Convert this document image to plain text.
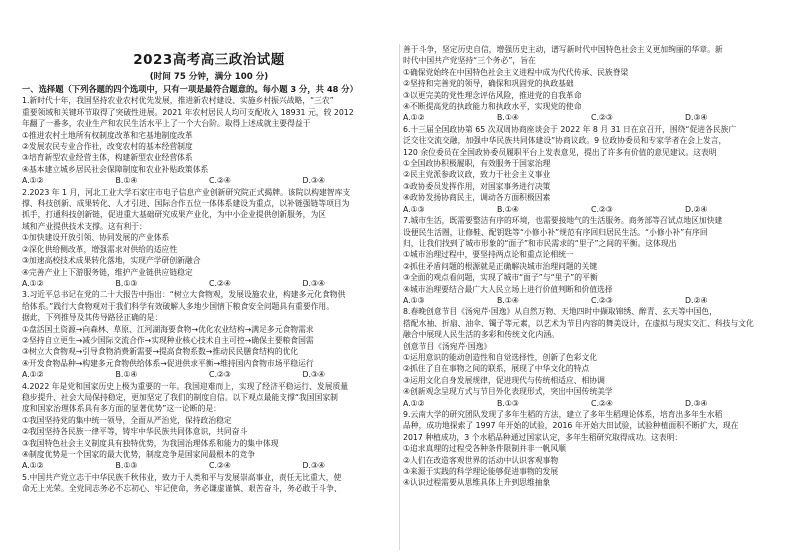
2023高考高三政治试题
(时间 75 分钟，满分 100 分)
一、选择题（下列各题的四个选项中，只有一项是最符合题意的。每小题 3 分，共 48 分）
1.新时代十年，我国坚持农业农村优先发展，推进新农村建设、实施乡村振兴战略，“三农”
重要领域和关键环节取得了突破性进展。2021 年农村居民人均可支配收入 18931 元，较 2012
年翻了一番多，农业生产和农民生活水平上了一个大台阶。取得上述成就主要得益于
①推进农村土地所有权制度改革和宅基地制度改革
②发展农民专业合作社，改变农村的基本经营制度
③培育新型农业经营主体，构建新型农业经营体系
④基本建立城乡居民社会保障制度和农业补贴政策体系
A.①②	B.①④	C.②④	D.③④
2.2023 年 1 月，河北工业大学石家庄市电子信息产业创新研究院正式揭牌。该院以构建智库支
撑、科技创新、成果转化、人才引进、国际合作五位一体体系建设为重点，以补链强链等项目为
抓手，打通科技创新链，促进重大基础研究成果产业化，为中小企业提供创新服务，为区
域和产业提供技术支撑。这有利于：
①加快建设开放引领、协同发展的产业体系
②深化供给侧改革，增强需求对供给的适应性
③加速高校技术成果转化落地，实现产学研创新融合
④完善产业上下游服务链，维护产业链供应链稳定
A.①②	B.①③	C.②④	D.③④
3.习近平总书记在党的二十大报告中指出：“树立大食物观，发展设施农业，构建多元化食物供
给体系。”践行大食物观对于我们科学有效破解人多地少国情下粮食安全问题具有重要作用。
据此，下列推导及其传导路径正确的是：
①盘活国土资源→向森林、草原、江河湖海要食物→优化农业结构→满足多元食物需求
②坚持自立更生→减少国际交流合作→实现种业核心技术自主可控→确保主要粮食国需
③树立大食物观→引导食物消费新需要→提高食物系数→推动民民膳食结构的优化
④开发食物品种→构建多元食物供给体系→促进供求平衡→维持国内食物市场平稳运行
A.①②	B.①④	C.②③	D.③④
4.2022 年是党和国家历史上极为重要的一年。我国迎难而上，实现了经济平稳运行、发展质量
稳步提升、社会大局保持稳定，更加坚定了我们的制度自信。以下观点最能支撑“我国国家制
度和国家治理体系具有多方面的显著优势”这一论断的是：
①我国坚持党的集中统一领导，全面从严治党，保持政治稳定
②我国坚持各民族一律平等，铸牢中华民族共同体意识，共同奋斗
③我国特色社会主义制度具有独特优势，为我国治理体系和能力的集中体现
④制度优势是一个国家的最大优势，制度竞争是国家间最根本的竞争
A.①②	B.①③	C.②④	D.③④
5.中国共产党立志于中华民族千秋伟业，致力于人类和平与发展崇高事业，责任无比重大，使
命无上光荣。全党同志务必不忘初心、牢记使命，务必谦虚谨慎、艰苦奋斗，务必敢于斗争、
善于斗争，坚定历史自信，增强历史主动，谱写新时代中国特色社会主义更加绚丽的华章。新
时代中国共产党坚持“三个务必”，旨在
①确保党始终在中国特色社会主义进程中成为代代传承、民族脊梁
②坚持和完善党的领导，确保和巩固党的执政基础
③以更完美的党性理念评估风险，推进党的自我革命
④不断提高党的执政能力和执政水平，实现党的使命
A.①②	B.①④	C.②③	D.③④
6.十三届全国政协第 65 次双周协商座谈会于 2022 年 8 月 31 日在京召开，围绕“促进各民族广
泛交往交流交融，加强中华民族共同体建设”协商议政。9 位政协委员和专家学者在会上发言，
120 余位委员在全国政协委员履职平台上发表意见，提出了许多有价值的意见建议。这表明
①全国政协积极履职，有效服务于国家治理
②民主党派参政议政，致力于社会主义事业
③政协委员发挥作用，对国家事务进行决策
④政协发扬协商民主，调动各方面积极因素
A.①③	B.①④	C.②③	D.②④
7.城市生活，既需要整洁有序的环境，也需要接地气的生活服务。商务部等召试点地区加快建
设便民生活圈，让修鞋、配钥匙等“小修小补”规范有序回归居民生活。“小修小补”有序回
归，让我们找到了城市形象的“面子”和市民需求的“里子”之间的平衡。这体现出
①城市治理过程中，要坚持两点论和重点论相统一
②抓住矛盾问题的根源就是正确解决城市治理问题的关键
③全面的观点看问题，实现了城市“面子”与“里子”的平衡
④城市治理要结合最广大人民立场上进行价值判断和价值选择
A.①③	B.①④	C.②③	D.②④
8.春晚创意节目《汤宛芹·国逸》从自然万物、天地四时中撷取锦绣、醉青、玄天等中国色，
搭配水袖、折扇、油伞、镯子等元素，以艺术为节目内容的舞美设计，在虚拟与现实交汇、科技与文化
融合中展现人民生活的多彩和传统文化内涵。
创意节目《汤宛芹·国逸》
①运用意识的能动创造性和自觉选择性，创新了色彩文化
②抓住了自在事物之间的联系，展现了中华文化的特点
③运用文化自身发展规律，促进现代与传统相适应、相协调
④创新观念呈现方式与节目外化表现形式，突出中国传统美学
A.①②	B.①③	C.②④	D.③④
9.云南大学的研究团队发现了多年生稻的方法，建立了多年生稻理论体系，培育出多年生水稻
品种，成功地探索了 1997 年开始的试验，2016 年开始大田试验，试验种植面积不断扩大，现在
2017 种植成功，3 个水稻品种通过国家认定，多年生稻研究取得成功。这表明：
①追求真理的过程受各种条件限制并非一帆风顺
②人们在改造客观世界的活动中认识客观事物
③来源于实践的科学理论能够促进事物的发展
④认识过程需要从思维具体上升到思维抽象
